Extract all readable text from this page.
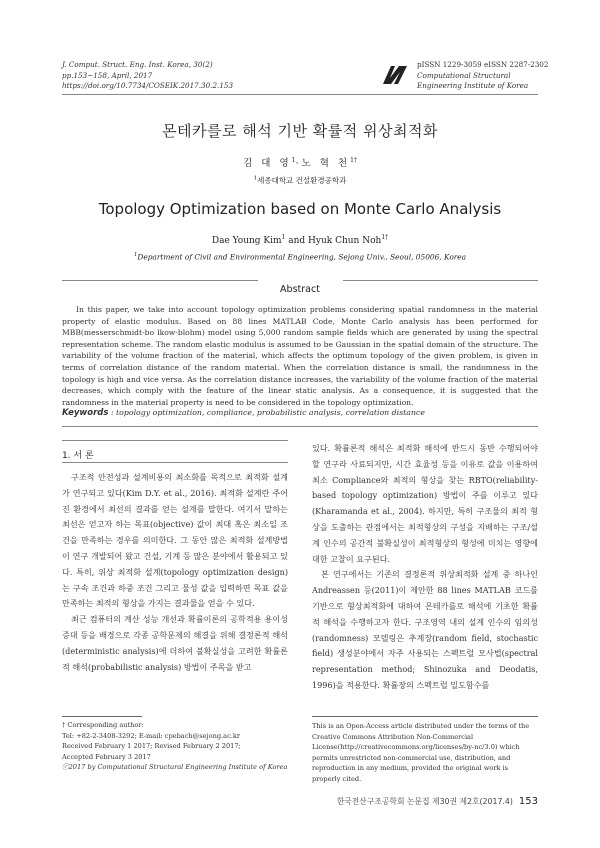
J. Comput. Struct. Eng. Inst. Korea, 30(2)
pp.153~158, April, 2017
https://doi.org/10.7734/COSEIK.2017.30.2.153
pISSN 1229-3059 eISSN 2287-2302
Computational Structural
Engineering Institute of Korea
몬테카를로 해석 기반 확률적 위상최적화
김 대 영$^1$·노 혁 천$^{1\dagger}$
$^1$세종대학교 건설환경공학과
Topology Optimization based on Monte Carlo Analysis
Dae Young Kim$^1$ and Hyuk Chun Noh$^{1\dagger}$
$^1$Department of Civil and Environmental Engineering, Sejong Univ., Seoul, 05006, Korea
Abstract
In this paper, we take into account topology optimization problems considering spatial randomness in the material property of elastic modulus. Based on 88 lines MATLAB Code, Monte Carlo analysis has been performed for MBB(messerschmidt-bo lkow-blohm) model using 5,000 random sample fields which are generated by using the spectral representation scheme. The random elastic modulus is assumed to be Gaussian in the spatial domain of the structure. The variability of the volume fraction of the material, which affects the optimum topology of the given problem, is given in terms of correlation distance of the random material. When the correlation distance is small, the randomness in the topology is high and vice versa. As the correlation distance increases, the variability of the volume fraction of the material decreases, which comply with the feature of the linear static analysis. As a consequence, it is suggested that the randomness in the material property is need to be considered in the topology optimization.
Keywords : topology optimization, compliance, probabilistic analysis, correlation distance
1. 서 론

구조적 안전성과 설계비용의 최소화를 목적으로 최적화 설계가 연구되고 있다(Kim D.Y. et al., 2016). 최적화 설계란 주어진 환경에서 최선의 결과를 얻는 설계를 말한다. 여기서 말하는 최선은 얻고자 하는 목표(objective) 값이 최대 혹은 최소일 조건을 만족하는 경우를 의미한다. 그 동안 많은 최적화 설계방법이 연구 개발되어 왔고 건설, 기계 등 많은 분야에서 활용되고 있다. 특히, 위상 최적화 설계(topology optimization design)는 구속 조건과 하중 조건 그리고 물성 값을 입력하면 목표 값을 만족하는 최적의 형상을 가지는 결과물을 얻을 수 있다.

최근 컴퓨터의 계산 성능 개선과 확률이론의 공학적용 용이성 증대 등을 배경으로 각종 공학문제의 해결을 위해 결정론적 해석(deterministic analysis)에 더하여 불확실성을 고려한 확률론적 해석(probabilistic analysis) 방법이 주목을 받고

있다. 확률론적 해석은 최적화 해석에 반드시 동반 수행되어야 할 연구라 사료되지만, 시간 효율성 등을 이유로 값을 이용하여 최소 Compliance와 최적의 형상을 찾는 RBTO(reliability-based topology optimization) 방법이 주를 이루고 있다(Kharamanda et al., 2004). 하지만, 특히 구조물의 최적 형상을 도출하는 관점에서는 최적형상의 구성을 지배하는 구조/설계 인수의 공간적 불확실성이 최적형상의 형성에 미치는 영향에 대한 고찰이 요구된다.

본 연구에서는 기존의 결정론적 위상최적화 설계 중 하나인 Andreassen 등(2011)이 제안한 88 lines MATLAB 코드를 기반으로 형상최적화에 대하여 몬테카를로 해석에 기초한 확률적 해석을 수행하고자 한다. 구조영역 내의 설계 인수의 임의성(randomness) 모델링은 추계장(random field, stochastic field) 생성분야에서 자주 사용되는 스펙트럴 모사법(spectral representation method; Shinozuka and Deodatis, 1996)을 적용한다. 확률장의 스펙트럴 밀도함수를

† Corresponding author:
Tel: +82-2-3408-3292; E-mail: cpebach@sejong.ac.kr
Received February 1 2017; Revised February 2 2017;
Accepted February 3 2017
ⓒ2017 by Computational Structural Engineering Institute of Korea
This is an Open-Access article distributed under the terms of the Creative Commons Attribution Non-Commercial License(http://creativecommons.org/licenses/by-nc/3.0) which permits unrestricted non-commercial use, distribution, and reproduction in any medium, provided the original work is properly cited.
한국전산구조공학회 논문집 제30권 제2호(2017.4) 153
